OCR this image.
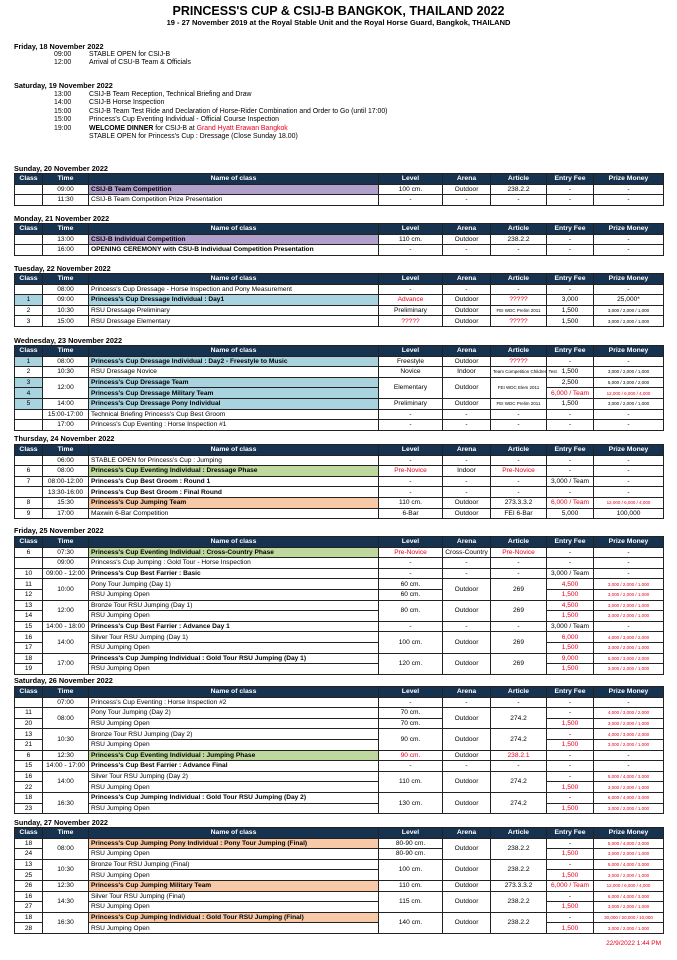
PRINCESS'S CUP & CSIJ-B BANGKOK, THAILAND 2022
19 - 27 November 2019 at the Royal Stable Unit and the Royal Horse Guard, Bangkok, THAILAND
Friday, 18 November 2022
09:00	STABLE OPEN for CSIJ-B
12:00	Arrival of CSU-B Team & Officials
Saturday, 19 November 2022
13:00	CSIJ-B Team Reception, Technical Briefing and Draw
14:00	CSIJ-B Horse Inspection
15:00	CSIJ-B Team Test Ride and Declaration of Horse-Rider Combination and Order to Go (until 17:00)
15:00	Princess's Cup Eventing Individual - Official Course Inspection
19:00	WELCOME DINNER for CSIJ-B at Grand Hyatt Erawan Bangkok
STABLE OPEN for Princess's Cup : Dressage (Close Sunday 18.00)
Sunday, 20 November 2022
Class	Time	Name of class	Level	Arena	Article	Entry Fee	Prize Money
	09:00	CSIJ-B Team Competition	100 cm.	Outdoor	238.2.2	-	-
	11:30	CSIJ-B Team Competition Prize Presentation	-	-	-	-	-
Monday, 21 November 2022
Class	Time	Name of class	Level	Arena	Article	Entry Fee	Prize Money
	13:00	CSIJ-B Individual Competition	110 cm.	Outdoor	238.2.2	-	-
	16:00	OPENING CEREMONY with CSU-B Individual Competition Presentation	-	-	-	-	-
Tuesday, 22 November 2022
Class	Time	Name of class	Level	Arena	Article	Entry Fee	Prize Money
	08:00	Princess's Cup Dressage - Horse Inspection and Pony Measurement	-	-	-	-	-
1	09:00	Princess's Cup Dressage Individual : Day1	Advance	Outdoor	?????	3,000	25,000*
2	10:30	RSU Dressage Preliminary	Preliminary	Outdoor	FEI WDC Prelim 2011	1,500	3,000 / 2,000 / 1,000
3	15:00	RSU Dressage Elementary	?????	Outdoor	?????	1,500	3,000 / 2,000 / 1,000
Wednesday, 23 November 2022
Class	Time	Name of class	Level	Arena	Article	Entry Fee	Prize Money
1	08:00	Princess's Cup Dressage Individual : Day2 - Freestyle to Music	Freestyle	Outdoor	?????	-	-
2	10:30	RSU Dressage Novice	Novice	Indoor	Team Competition Children Test	1,500	3,000 / 2,000 / 1,000
3	12:00	Princess's Cup Dressage Team	Elementary	Outdoor	FEI WDC Elem 2011	2,500	5,000 / 3,000 / 2,000
4		Princess's Cup Dressage Military Team				6,000 / Team	12,000 / 6,000 / 4,000
5	14:00	Princess's Cup Dressage Pony Individual	Preliminary	Outdoor	FEI WDC Prelim 2011	1,500	3,000 / 2,000 / 1,000
	15:00-17:00	Technical Briefing Princess's Cup Best Groom	-	-	-	-	-
	17:00	Princess's Cup Eventing : Horse Inspection #1	-	-	-	-	-
Thursday, 24 November 2022
Class	Time	Name of class	Level	Arena	Article	Entry Fee	Prize Money
	06:00	STABLE OPEN for Princess's Cup : Jumping	-	-	-	-	-
6	08:00	Princess's Cup Eventing Individual : Dressage Phase	Pre-Novice	Indoor	Pre-Novice	-	-
7	08:00-12:00	Princess's Cup Best Groom : Round 1	-	-	-	3,000 / Team	-
	13:30-16:00	Princess's Cup Best Groom : Final Round	-	-	-	-	-
8	15:30	Princess's Cup Jumping Team	110 cm.	Outdoor	273.3.3.2	6,000 / Team	12,000 / 6,000 / 4,000
9	17:00	Maxwin 6-Bar Competition	6-Bar	Outdoor	FEI 6-Bar	5,000	100,000
Friday, 25 November 2022
Class	Time	Name of class	Level	Arena	Article	Entry Fee	Prize Money
6	07:30	Princess's Cup Eventing Individual : Cross-Country Phase	Pre-Novice	Cross-Country	Pre-Novice	-	-
	09:00	Princess's Cup Jumping : Gold Tour - Horse Inspection	-	-	-	-	-
10	09:00 - 12:00	Princess's Cup Best Farrier : Basic	-	-	-	3,000 / Team	-
11	10:00	Pony Tour Jumping (Day 1)	60 cm.	Outdoor	269	4,500	3,000 / 2,000 / 1,000
12		RSU Jumping Open	60 cm.			1,500	3,000 / 2,000 / 1,000
13	12:00	Bronze Tour RSU Jumping (Day 1)	80 cm.	Outdoor	269	4,500	3,000 / 2,000 / 1,000
14		RSU Jumping Open				1,500	3,000 / 2,000 / 1,000
15	14:00 - 18:00	Princess's Cup Best Farrier : Advance Day 1	-	-	-	3,000 / Team	-
16	14:00	Silver Tour RSU Jumping (Day 1)	100 cm.	Outdoor	269	6,000	4,000 / 3,000 / 2,000
17		RSU Jumping Open				1,500	3,000 / 2,000 / 1,000
18	17:00	Princess's Cup Jumping Individual : Gold Tour RSU Jumping (Day 1)	120 cm.	Outdoor	269	9,000	5,000 / 3,000 / 2,000
19		RSU Jumping Open				1,500	3,000 / 2,000 / 1,000
Saturday, 26 November 2022
Class	Time	Name of class	Level	Arena	Article	Entry Fee	Prize Money
	07:00	Princess's Cup Eventing : Horse Inspection #2	-	-	-	-	-
11	08:00	Pony Tour Jumping (Day 2)	70 cm.	Outdoor	274.2	-	4,000 / 3,000 / 2,000
20		RSU Jumping Open	70 cm.			1,500	3,000 / 2,000 / 1,000
13	10:30	Bronze Tour RSU Jumping (Day 2)	90 cm.	Outdoor	274.2	-	4,000 / 3,000 / 2,000
21		RSU Jumping Open				1,500	3,000 / 2,000 / 1,000
6	12:30	Princess's Cup Eventing Individual : Jumping Phase	90 cm.	Outdoor	238.2.1	-	-
15	14:00 - 17:00	Princess's Cup Best Farrier : Advance Final	-	-	-	-	-
16	14:00	Silver Tour RSU Jumping (Day 2)	110 cm.	Outdoor	274.2	-	5,000 / 4,000 / 3,000
22		RSU Jumping Open				1,500	3,000 / 2,000 / 1,000
18	16:30	Princess's Cup Jumping Individual : Gold Tour RSU Jumping (Day 2)	130 cm.	Outdoor	274.2	-	6,000 / 4,000 / 3,000
23		RSU Jumping Open				1,500	3,000 / 2,000 / 1,000
Sunday, 27 November 2022
Class	Time	Name of class	Level	Arena	Article	Entry Fee	Prize Money
18	08:00	Princess's Cup Jumping Pony Individual : Pony Tour Jumping (Final)	80-90 cm.	Outdoor	238.2.2	-	5,000 / 4,000 / 3,000
24		RSU Jumping Open	80-90 cm.			1,500	3,000 / 2,000 / 1,000
13	10:30	Bronze Tour RSU Jumping (Final)	100 cm.	Outdoor	238.2.2	-	5,000 / 4,000 / 3,000
25		RSU Jumping Open				1,500	3,000 / 2,000 / 1,000
26	12:30	Princess's Cup Jumping Military Team	110 cm.	Outdoor	273.3.3.2	6,000 / Team	12,000 / 6,000 / 4,000
16	14:30	Silver Tour RSU Jumping (Final)	115 cm.	Outdoor	238.2.2	-	6,000 / 4,000 / 3,000
27		RSU Jumping Open				1,500	3,000 / 2,000 / 1,000
18	16:30	Princess's Cup Jumping Individual : Gold Tour RSU Jumping (Final)	140 cm.	Outdoor	238.2.2	-	30,000 / 20,000 / 10,000
28		RSU Jumping Open				1,500	3,000 / 2,000 / 1,000
22/9/2022 1:44 PM
